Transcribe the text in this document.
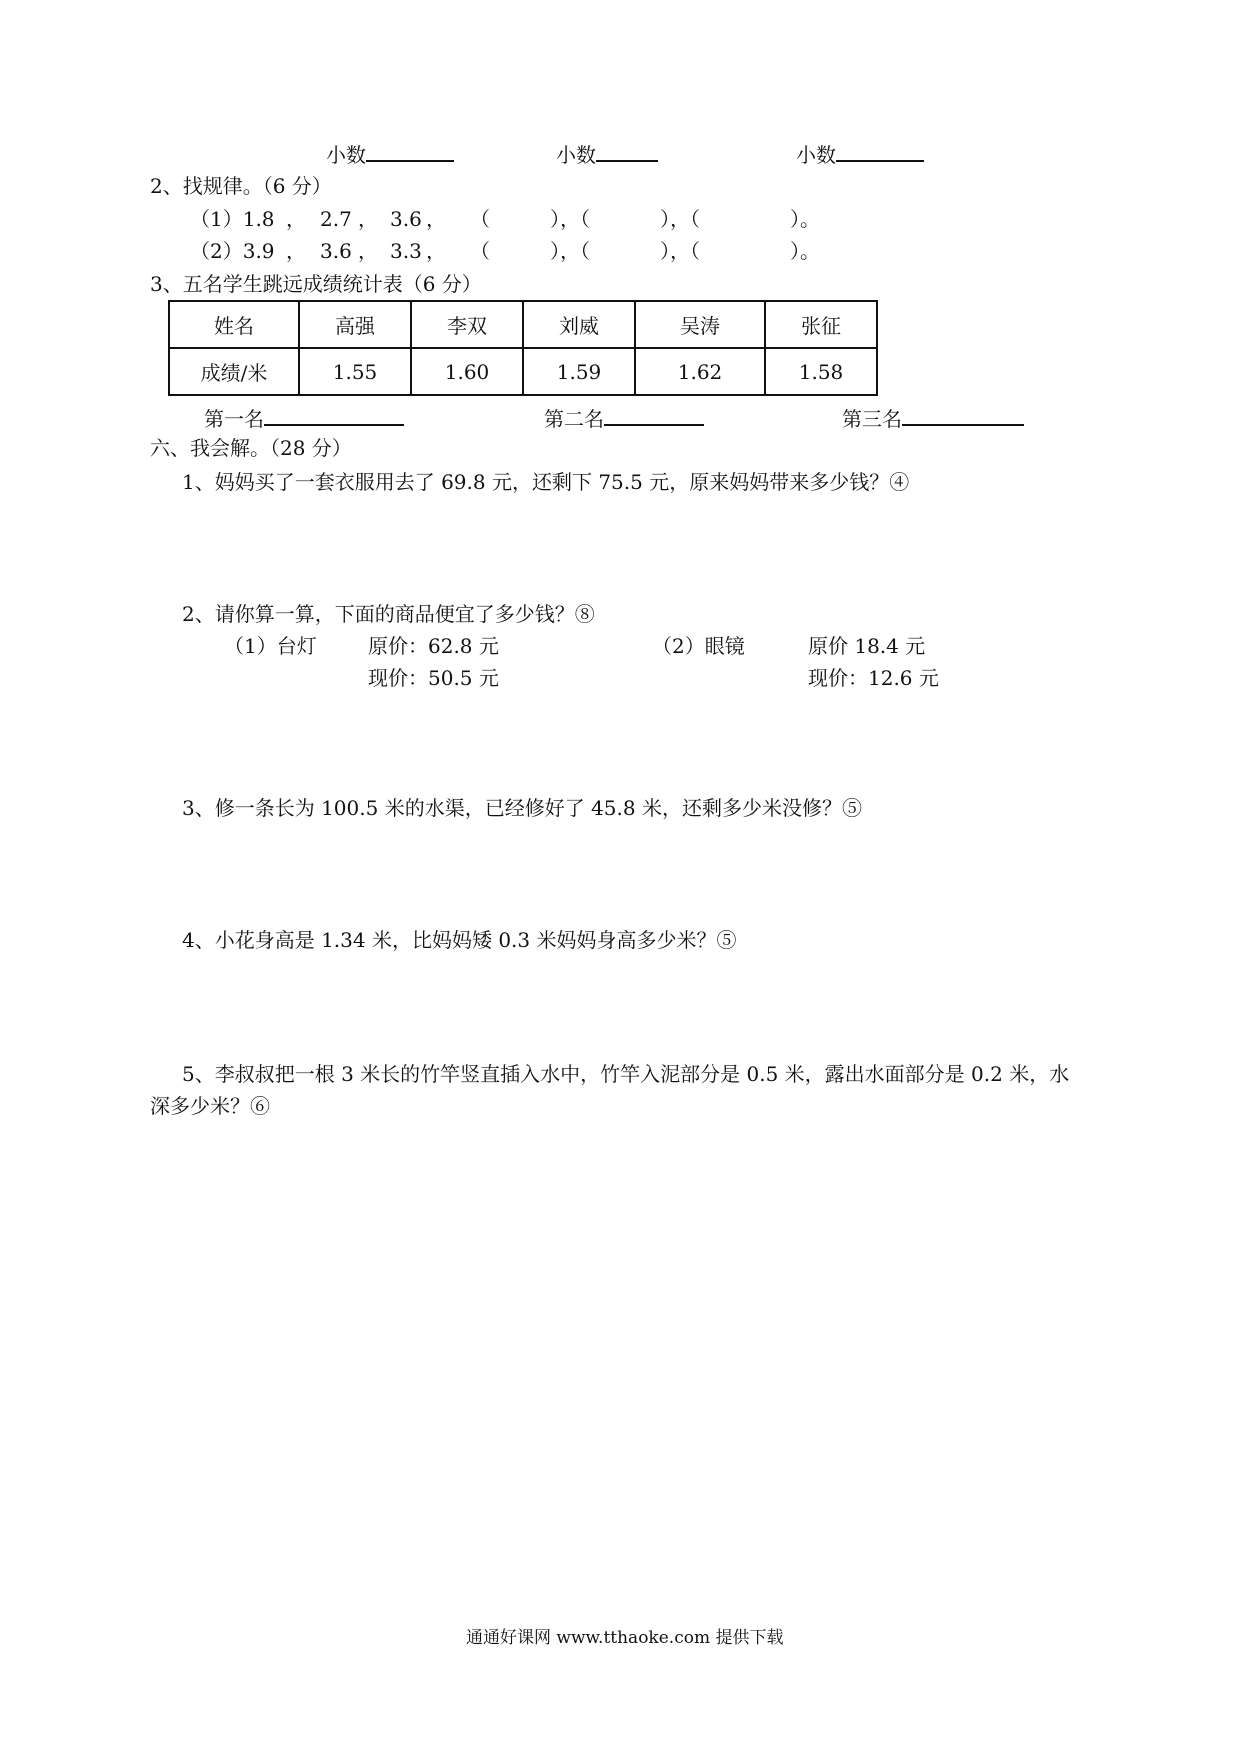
小数	小数	小数
2、找规律。（6 分）
（1）1.8 ， 2.7 ， 3.6 ， （	），（	），（	）。
（2）3.9 ， 3.6 ， 3.3 ， （	），（	），（	）。
3、五名学生跳远成绩统计表（6 分）
姓名	高强	李双	刘威	吴涛	张征
成绩/米	1.55	1.60	1.59	1.62	1.58
第一名	第二名	第三名
六、我会解。（28 分）
1、妈妈买了一套衣服用去了 69.8 元，还剩下 75.5 元，原来妈妈带来多少钱？④
2、请你算一算，下面的商品便宜了多少钱？⑧
（1）台灯	原价：62.8 元
现价：50.5 元
（2）眼镜	原价 18.4 元
现价：12.6 元
3、修一条长为 100.5 米的水渠，已经修好了 45.8 米，还剩多少米没修？⑤
4、小花身高是 1.34 米，比妈妈矮 0.3 米妈妈身高多少米？⑤
5、李叔叔把一根 3 米长的竹竿竖直插入水中，竹竿入泥部分是 0.5 米，露出水面部分是 0.2 米，水
深多少米？⑥
通通好课网 www.tthaoke.com 提供下载
